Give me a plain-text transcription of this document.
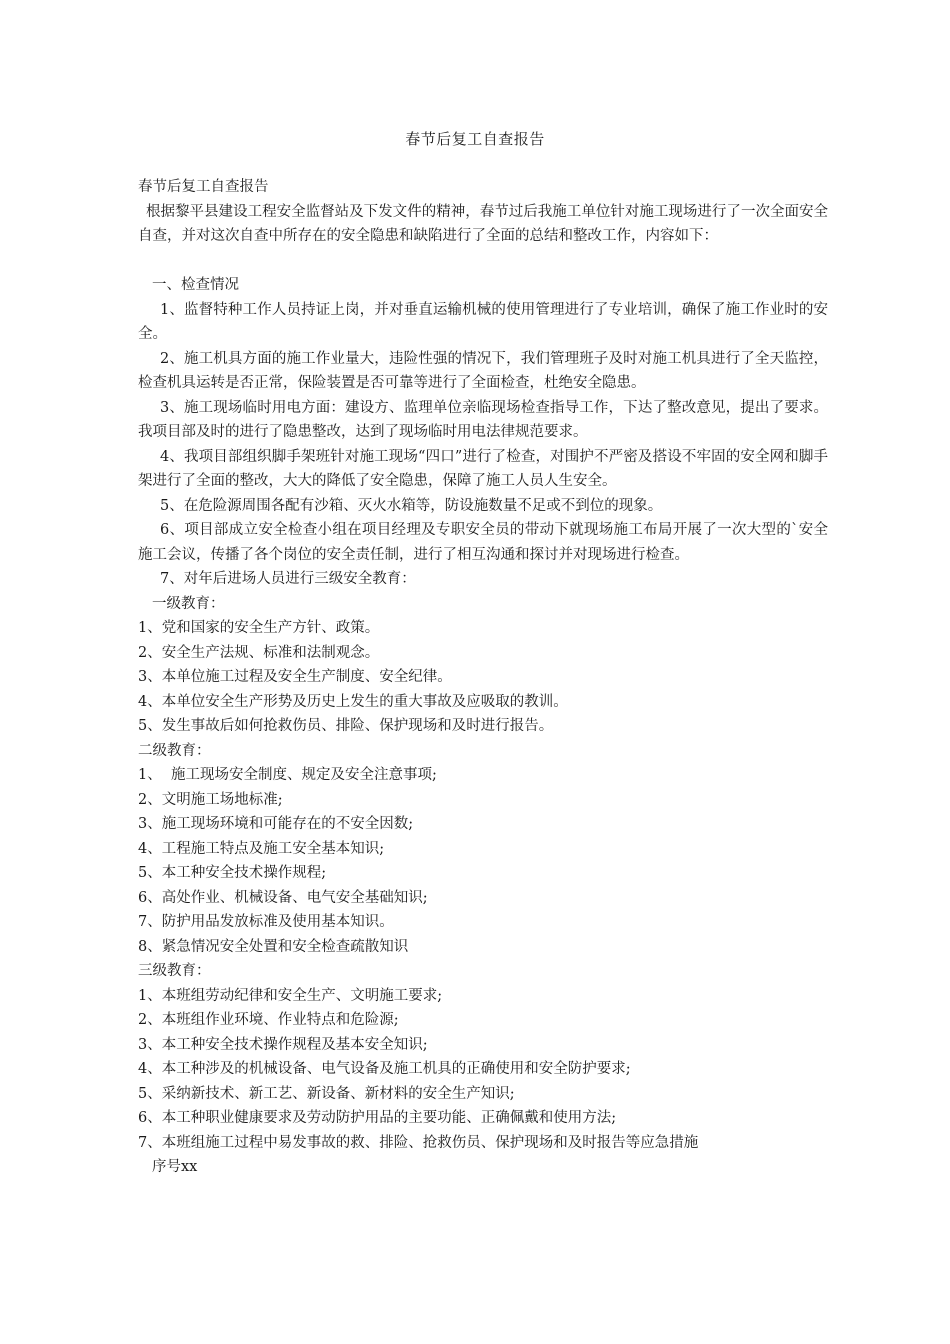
春节后复工自查报告

春节后复工自查报告

根据黎平县建设工程安全监督站及下发文件的精神，春节过后我施工单位针对施工现场进行了一次全面安全自查，并对这次自查中所存在的安全隐患和缺陷进行了全面的总结和整改工作，内容如下：

一、检查情况

1、监督特种工作人员持证上岗，并对垂直运输机械的使用管理进行了专业培训，确保了施工作业时的安全。

2、施工机具方面的施工作业量大，违险性强的情况下，我们管理班子及时对施工机具进行了全天监控，检查机具运转是否正常，保险装置是否可靠等进行了全面检查，杜绝安全隐患。

3、施工现场临时用电方面：建设方、监理单位亲临现场检查指导工作，下达了整改意见，提出了要求。我项目部及时的进行了隐患整改，达到了现场临时用电法律规范要求。

4、我项目部组织脚手架班针对施工现场“四口”进行了检查，对围护不严密及搭设不牢固的安全网和脚手架进行了全面的整改，大大的降低了安全隐患，保障了施工人员人生安全。

5、在危险源周围各配有沙箱、灭火水箱等，防设施数量不足或不到位的现象。

6、项目部成立安全检查小组在项目经理及专职安全员的带动下就现场施工布局开展了一次大型的`安全施工会议，传播了各个岗位的安全责任制，进行了相互沟通和探讨并对现场进行检查。

7、对年后进场人员进行三级安全教育：

一级教育：

1、党和国家的安全生产方针、政策。

2、安全生产法规、标准和法制观念。

3、本单位施工过程及安全生产制度、安全纪律。

4、本单位安全生产形势及历史上发生的重大事故及应吸取的教训。

5、发生事故后如何抢救伤员、排险、保护现场和及时进行报告。

二级教育：

1、  施工现场安全制度、规定及安全注意事项;

2、文明施工场地标准;

3、施工现场环境和可能存在的不安全因数;

4、工程施工特点及施工安全基本知识;

5、本工种安全技术操作规程;

6、高处作业、机械设备、电气安全基础知识;

7、防护用品发放标准及使用基本知识。

8、紧急情况安全处置和安全检查疏散知识

三级教育：

1、本班组劳动纪律和安全生产、文明施工要求;

2、本班组作业环境、作业特点和危险源;

3、本工种安全技术操作规程及基本安全知识;

4、本工种涉及的机械设备、电气设备及施工机具的正确使用和安全防护要求;

5、采纳新技术、新工艺、新设备、新材料的安全生产知识;

6、本工种职业健康要求及劳动防护用品的主要功能、正确佩戴和使用方法;

7、本班组施工过程中易发事故的救、排险、抢救伤员、保护现场和及时报告等应急措施

序号xx
